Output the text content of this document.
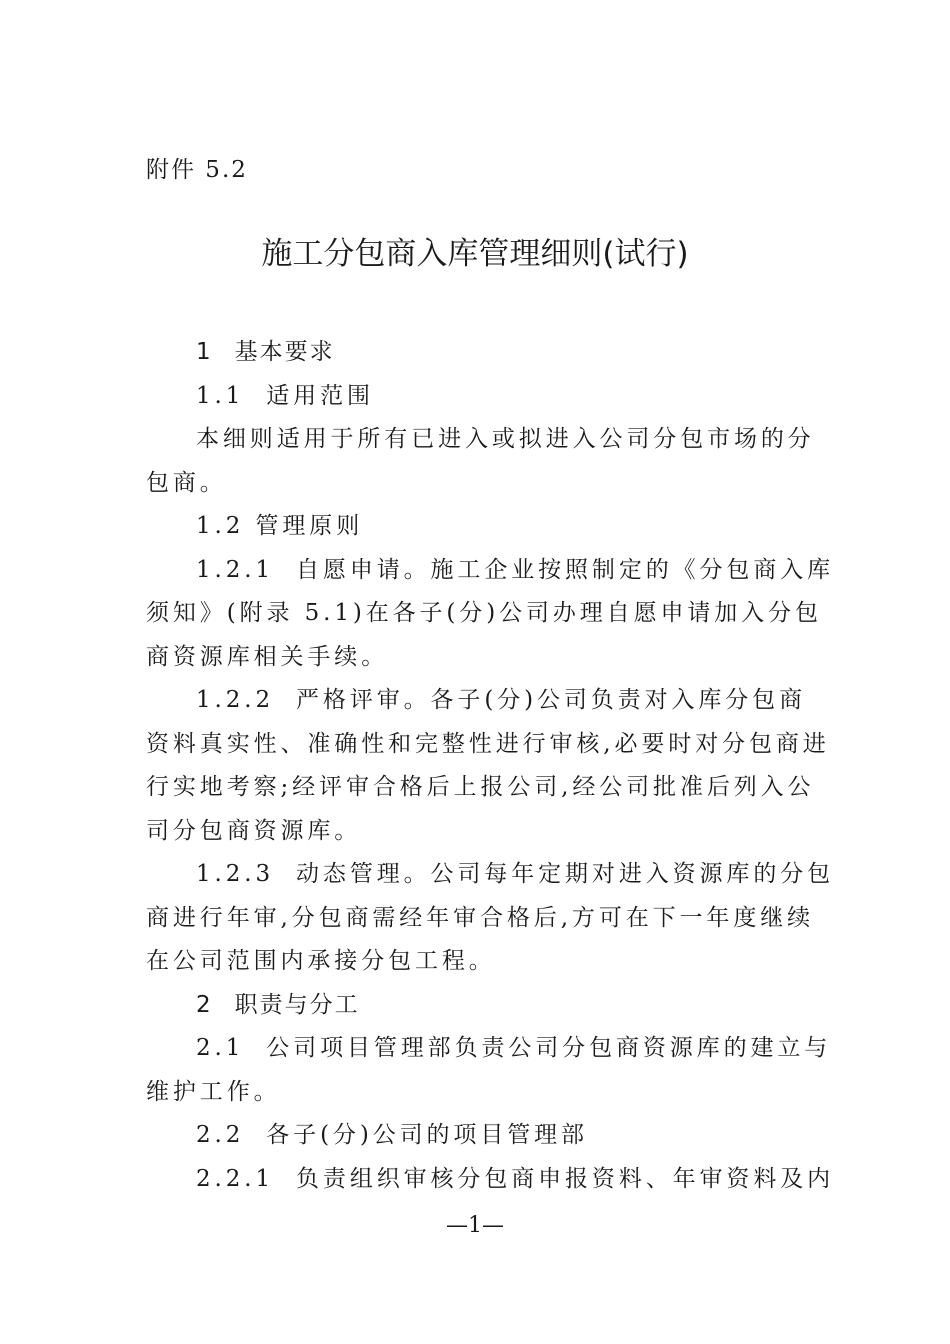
附件 5.2
施工分包商入库管理细则(试行)
1 基本要求
1.1 适用范围
本细则适用于所有已进入或拟进入公司分包市场的分
包商。
1.2 管理原则
1.2.1 自愿申请。施工企业按照制定的《分包商入库
须知》(附录 5.1)在各子(分)公司办理自愿申请加入分包
商资源库相关手续。
1.2.2 严格评审。各子(分)公司负责对入库分包商
资料真实性、准确性和完整性进行审核,必要时对分包商进
行实地考察;经评审合格后上报公司,经公司批准后列入公
司分包商资源库。
1.2.3 动态管理。公司每年定期对进入资源库的分包
商进行年审,分包商需经年审合格后,方可在下一年度继续
在公司范围内承接分包工程。
2 职责与分工
2.1 公司项目管理部负责公司分包商资源库的建立与
维护工作。
2.2 各子(分)公司的项目管理部
2.2.1 负责组织审核分包商申报资料、年审资料及内
—1—
